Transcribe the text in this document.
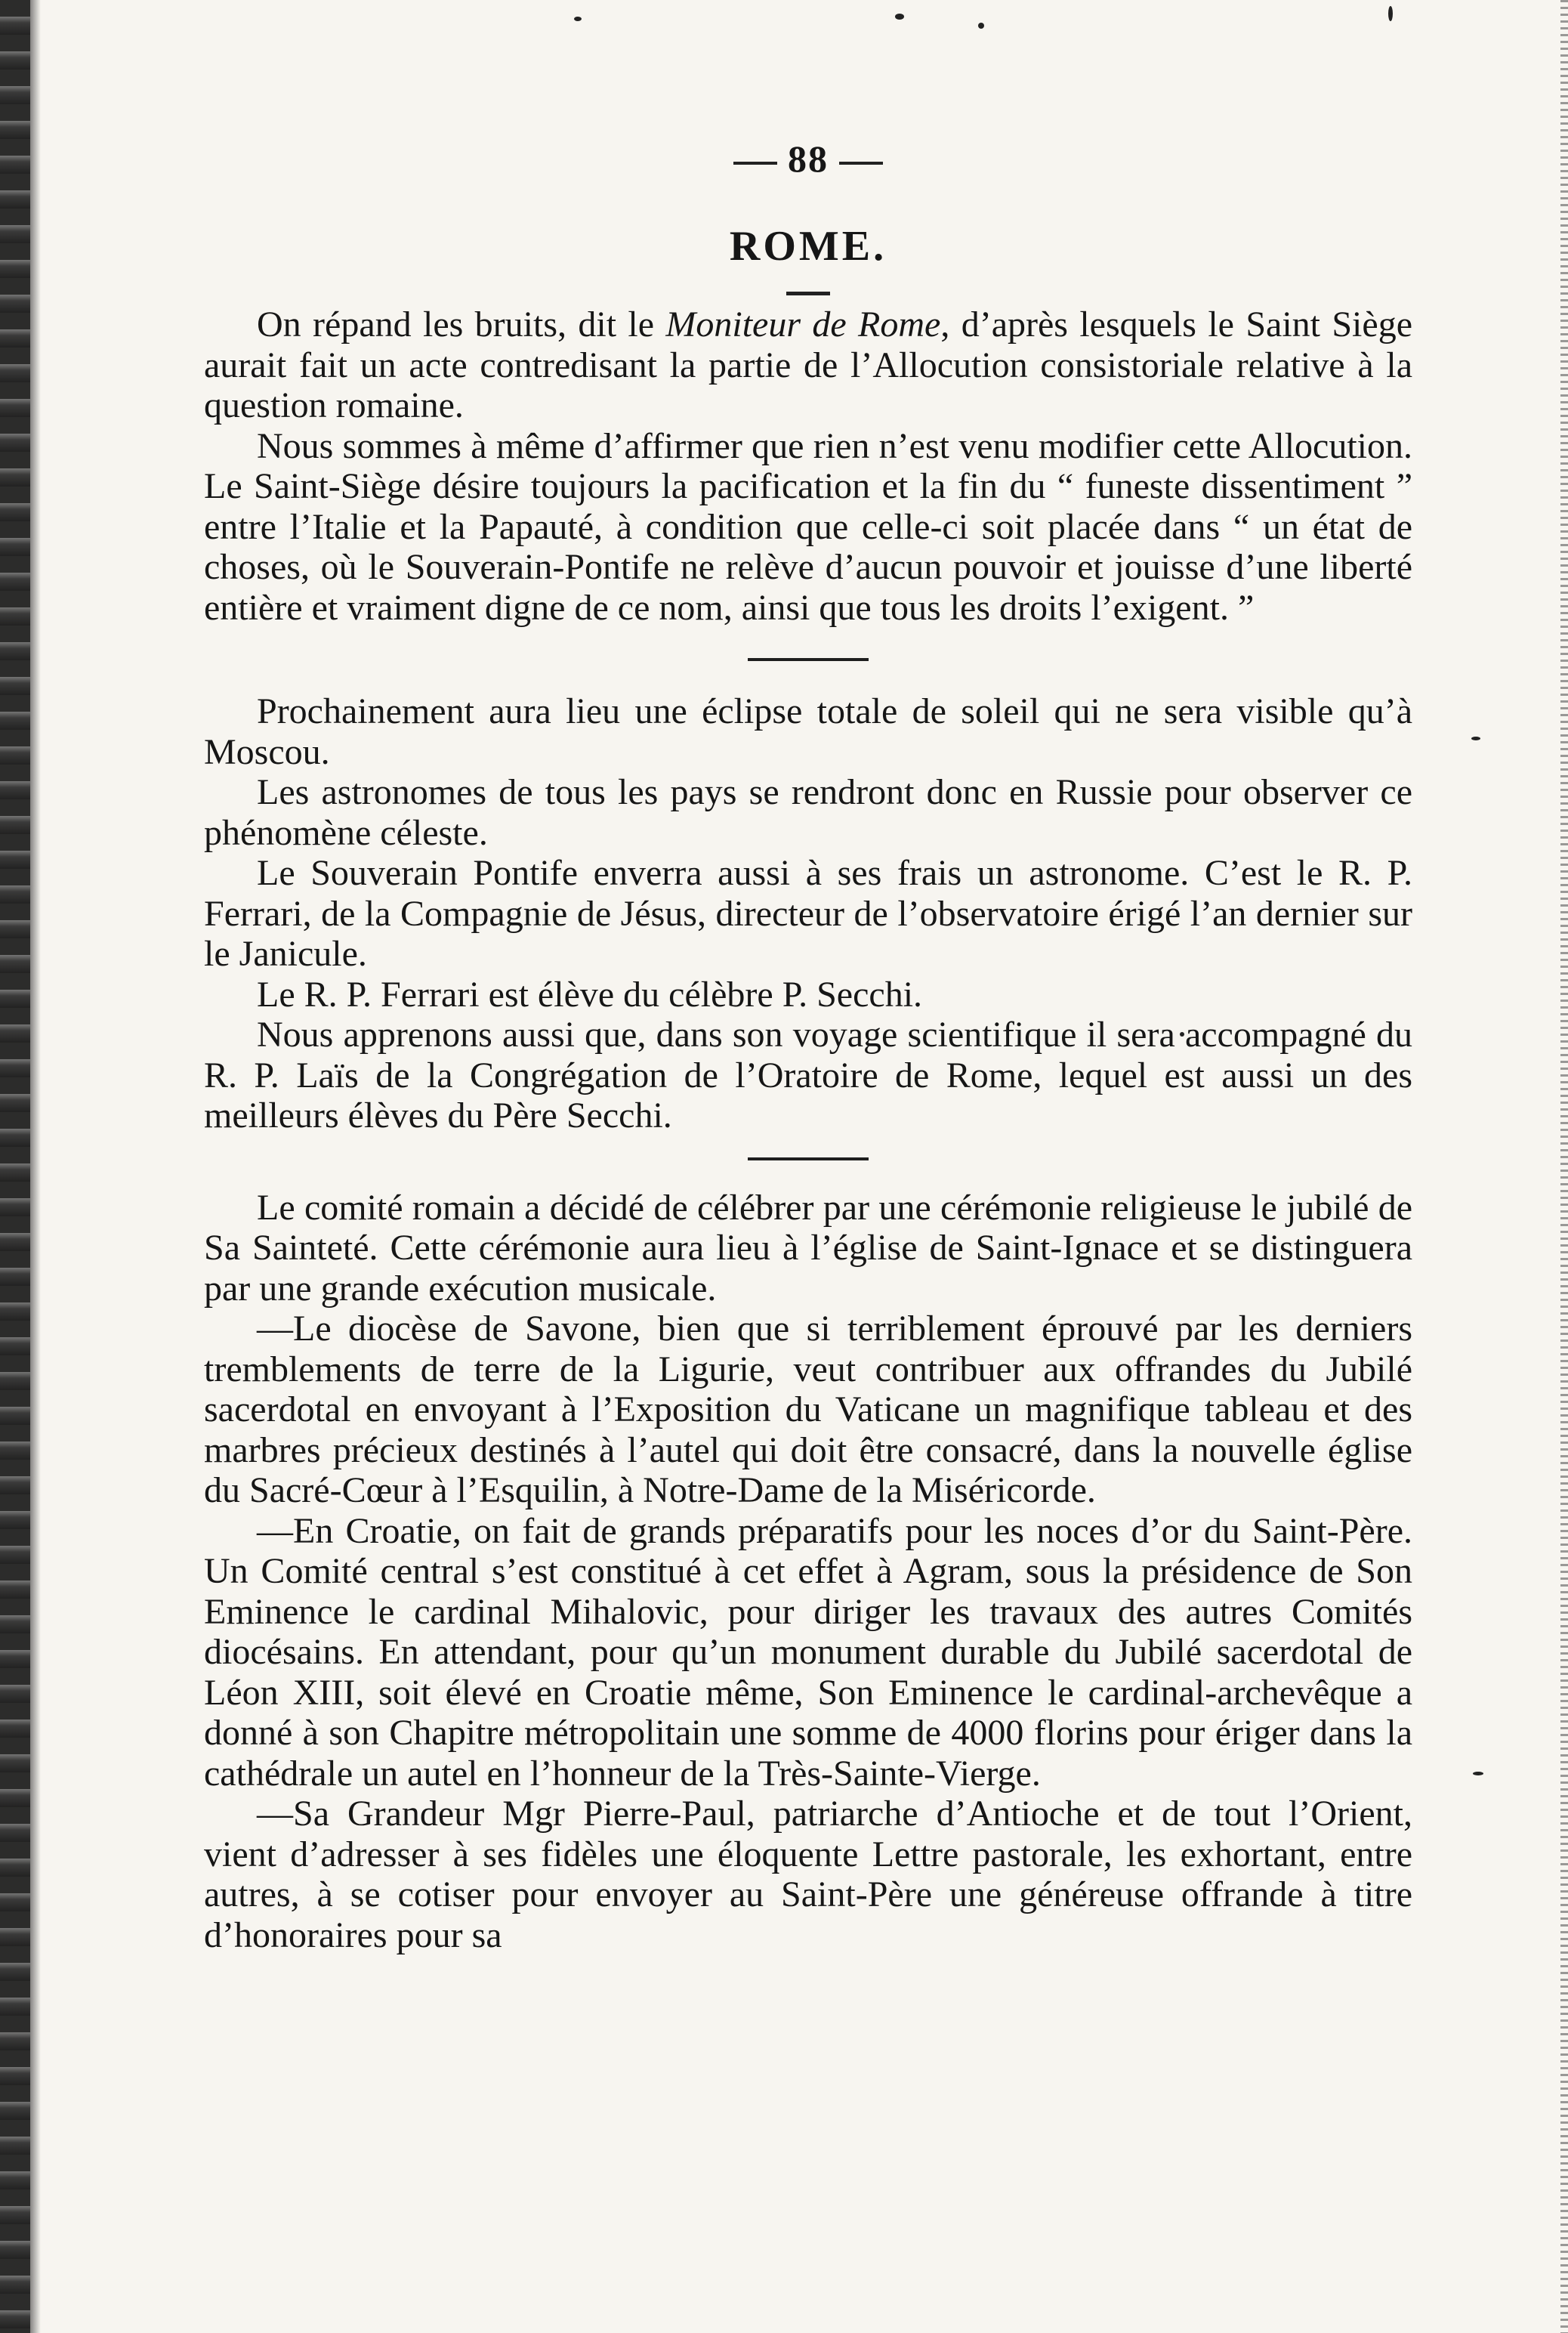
88
ROME.

On répand les bruits, dit le Moniteur de Rome, d’après lesquels le Saint Siège aurait fait un acte contredisant la partie de l’Allocution consistoriale relative à la question romaine.

Nous sommes à même d’affirmer que rien n’est venu modifier cette Allocution. Le Saint-Siège désire toujours la pacification et la fin du “ funeste dissentiment ” entre l’Italie et la Papauté, à condition que celle-ci soit placée dans “ un état de choses, où le Souverain-Pontife ne relève d’aucun pouvoir et jouisse d’une liberté entière et vraiment digne de ce nom, ainsi que tous les droits l’exigent. ”

Prochainement aura lieu une éclipse totale de soleil qui ne sera visible qu’à Moscou.

Les astronomes de tous les pays se rendront donc en Russie pour observer ce phénomène céleste.

Le Souverain Pontife enverra aussi à ses frais un astronome. C’est le R. P. Ferrari, de la Compagnie de Jésus, directeur de l’observatoire érigé l’an dernier sur le Janicule.

Le R. P. Ferrari est élève du célèbre P. Secchi.

Nous apprenons aussi que, dans son voyage scientifique il sera accompagné du R. P. Laïs de la Congrégation de l’Oratoire de Rome, lequel est aussi un des meilleurs élèves du Père Secchi.

Le comité romain a décidé de célébrer par une cérémonie religieuse le jubilé de Sa Sainteté. Cette cérémonie aura lieu à l’église de Saint-Ignace et se distinguera par une grande exécution musicale.

—Le diocèse de Savone, bien que si terriblement éprouvé par les derniers tremblements de terre de la Ligurie, veut contribuer aux offrandes du Jubilé sacerdotal en envoyant à l’Exposition du Vaticane un magnifique tableau et des marbres précieux destinés à l’autel qui doit être consacré, dans la nouvelle église du Sacré-Cœur à l’Esquilin, à Notre-Dame de la Miséricorde.

—En Croatie, on fait de grands préparatifs pour les noces d’or du Saint-Père. Un Comité central s’est constitué à cet effet à Agram, sous la présidence de Son Eminence le cardinal Mihalovic, pour diriger les travaux des autres Comités diocésains. En attendant, pour qu’un monument durable du Jubilé sacerdotal de Léon XIII, soit élevé en Croatie même, Son Eminence le cardinal-archevêque a donné à son Chapitre métropolitain une somme de 4000 florins pour ériger dans la cathédrale un autel en l’honneur de la Très-Sainte-Vierge.

—Sa Grandeur Mgr Pierre-Paul, patriarche d’Antioche et de tout l’Orient, vient d’adresser à ses fidèles une éloquente Lettre pastorale, les exhortant, entre autres, à se cotiser pour envoyer au Saint-Père une généreuse offrande à titre d’honoraires pour sa
